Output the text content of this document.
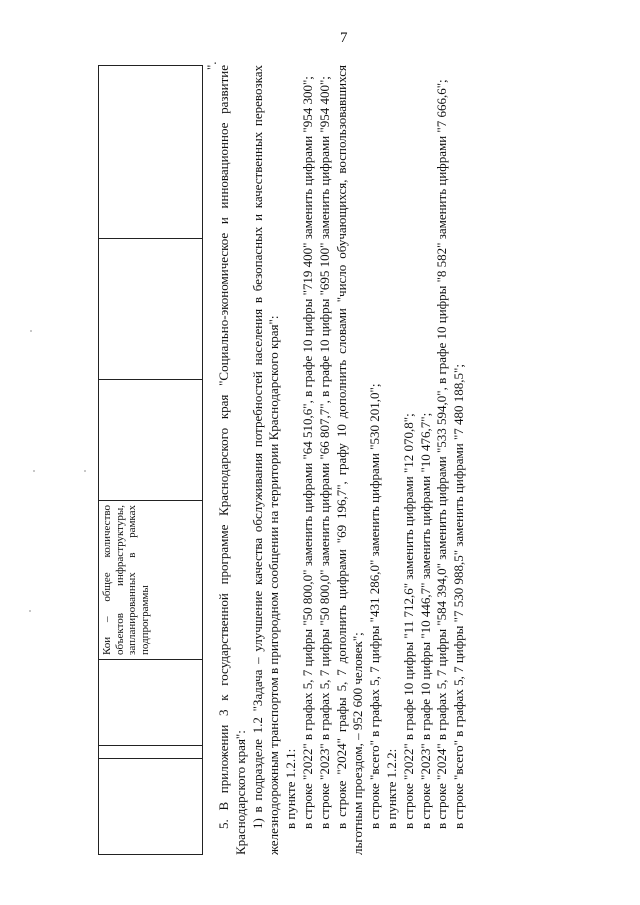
7
			Кои – общее количество объектов инфраструктуры, запланированных в рамках подпрограммы			
".

5. В приложении 3 к государственной программе Краснодарского края "Социально-экономическое и инновационное развитие Краснодарского края": 1) в подразделе 1.2 "Задача – улучшение качества обслуживания потребностей населения в безопасных и качественных перевозках железнодорожным транспортом в пригородном сообщении на территории Краснодарского края": в пункте 1.2.1: в строке "2022" в графах 5, 7 цифры "50 800,0" заменить цифрами "64 510,6", в графе 10 цифры "719 400" заменить цифрами "954 300"; в строке "2023" в графах 5, 7 цифры "50 800,0" заменить цифрами "66 807,7", в графе 10 цифры "695 100" заменить цифрами "954 400"; в строке "2024" графы 5, 7 дополнить цифрами "69 196,7", графу 10 дополнить словами "число обучающихся, воспользовавшихся льготным проездом, – 952 600 человек"; в строке "всего" в графах 5, 7 цифры "431 286,0" заменить цифрами "530 201,0"; в пункте 1.2.2: в строке "2022" в графе 10 цифры "11 712,6" заменить цифрами "12 070,8"; в строке "2023" в графе 10 цифры "10 446,7" заменить цифрами "10 476,7"; в строке "2024" в графах 5, 7 цифры "584 394,0" заменить цифрами "533 594,0", в графе 10 цифры "8 582" заменить цифрами "7 666,6"; в строке "всего" в графах 5, 7 цифры "7 530 988,5" заменить цифрами "7 480 188,5";
